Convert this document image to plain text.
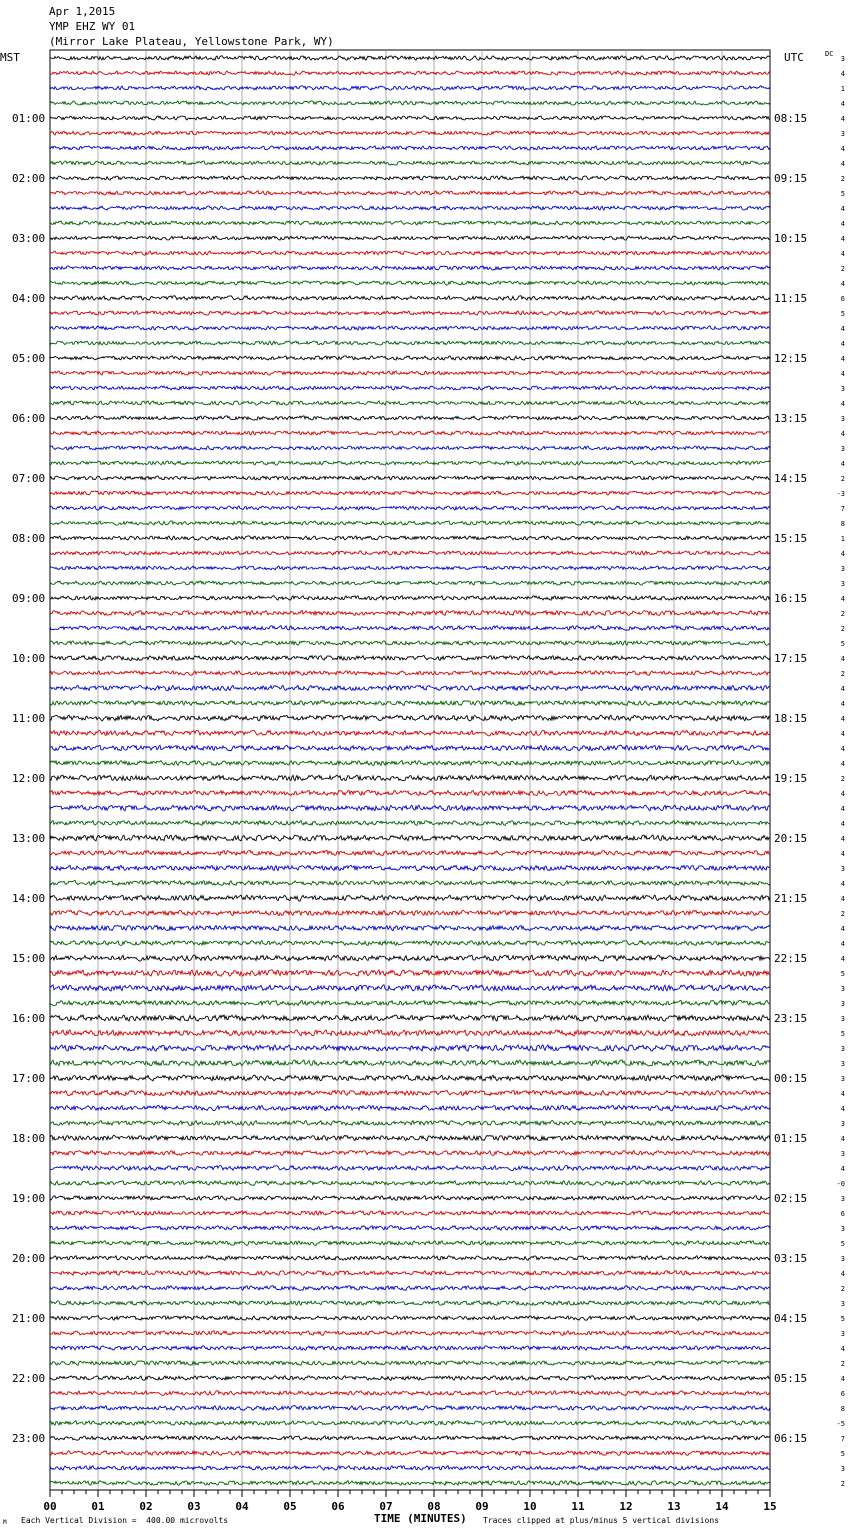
Apr 1,2015
YMP EHZ WY 01
(Mirror Lake Plateau, Yellowstone Park, WY)
00	01	02	03	04	05	06	07	08	09	10	11	12	13	14	15
MST	UTC	DC
01:00
02:00
03:00
04:00
05:00
06:00
07:00
08:00
09:00
10:00
11:00
12:00
13:00
14:00
15:00
16:00
17:00
18:00
19:00
20:00
21:00
22:00
23:00
08:15
09:15
10:15
11:15
12:15
13:15
14:15
15:15
16:15
17:15
18:15
19:15
20:15
21:15
22:15
23:15
00:15
01:15
02:15
03:15
04:15
05:15
06:15
3
4
1
4
4
3
4
4
2
5
4
4
4
4
2
4
6
5
4
4
4
4
3
4
3
4
3
4
2
-3
7
8
1
4
3
3
4
2
2
5
4
2
4
4
4
4
4
4
2
4
4
4
4
4
3
4
4
2
4
4
4
5
3
3
3
5
3
3
3
4
4
3
4
3
4
-0
3
6
3
5
3
4
2
3
5
3
4
2
4
6
8
-5
7
5
3
2
M Each Vertical Division =  400.00 microvolts	TIME (MINUTES) Traces clipped at plus/minus 5 vertical divisions
